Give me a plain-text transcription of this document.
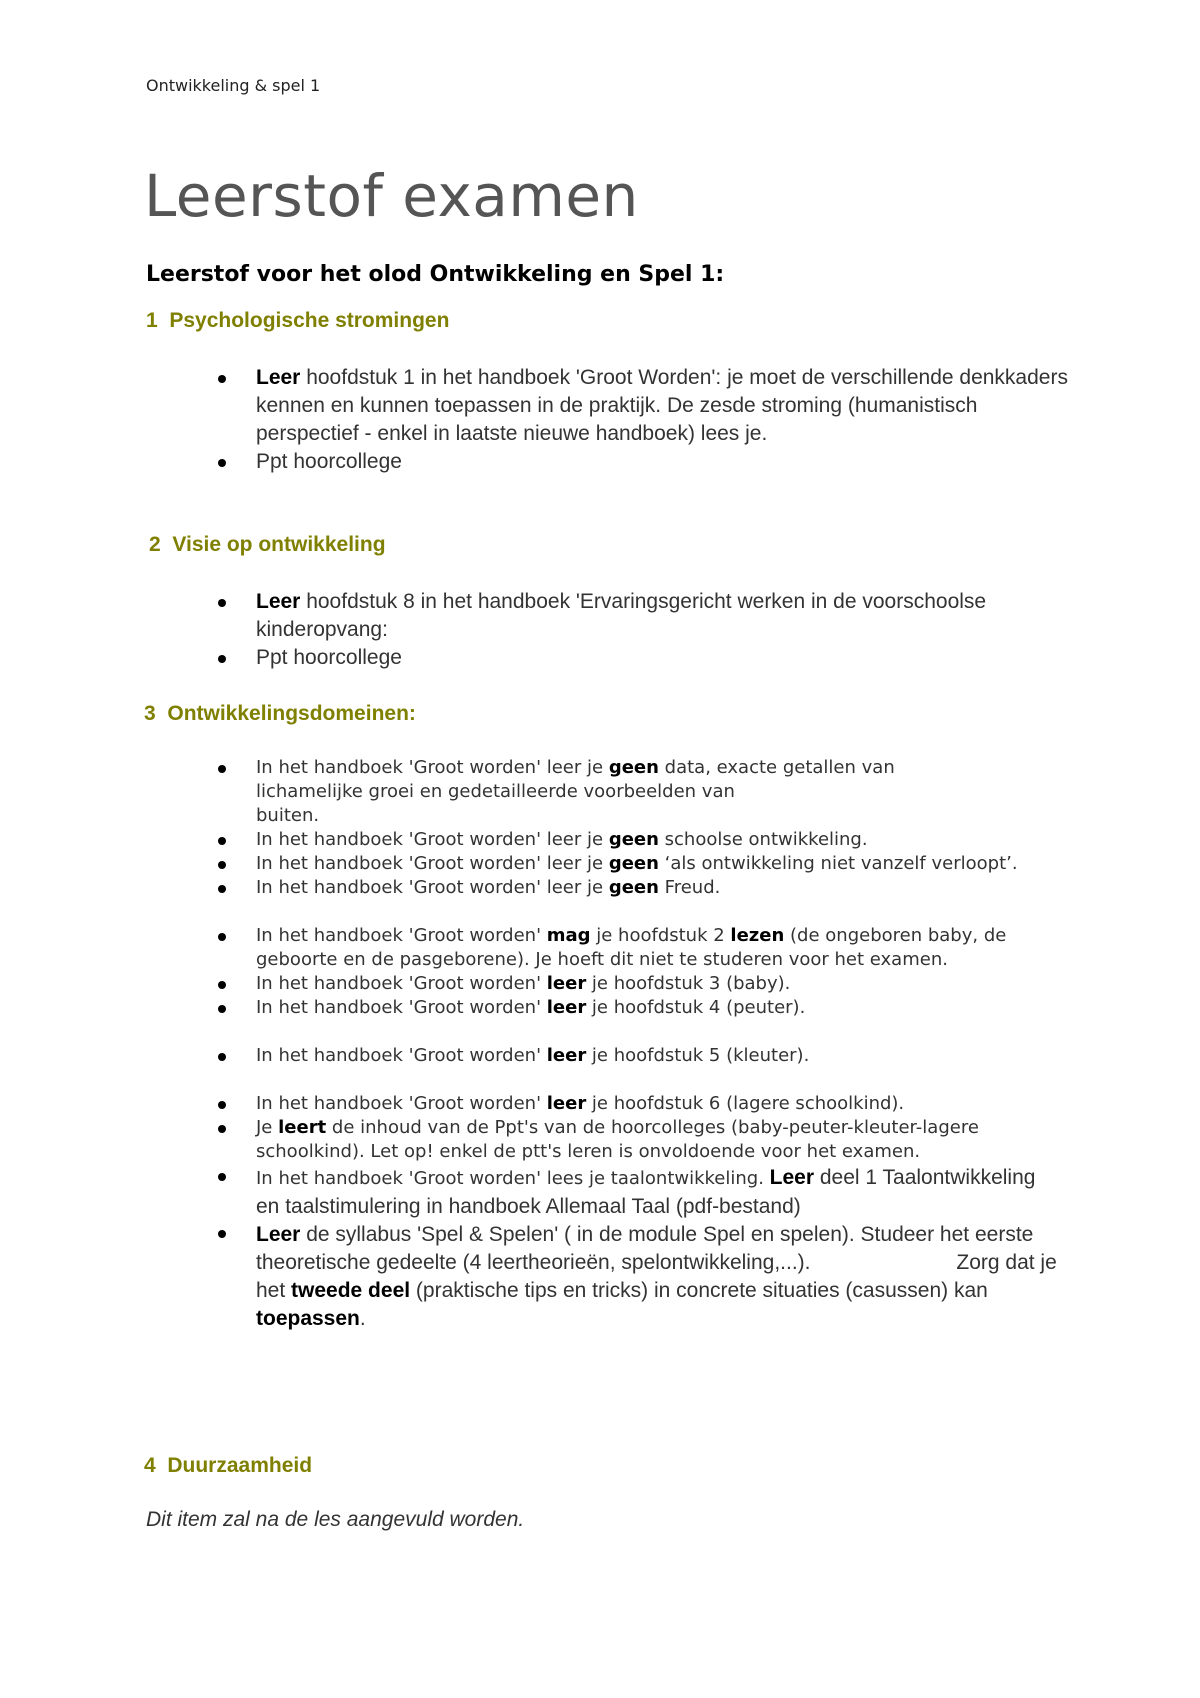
Ontwikkeling & spel 1
Leerstof examen
Leerstof voor het olod Ontwikkeling en Spel 1:
1 Psychologische stromingen
Leer hoofdstuk 1 in het handboek 'Groot Worden': je moet de verschillende denkkaders kennen en kunnen toepassen in de praktijk. De zesde stroming (humanistisch perspectief - enkel in laatste nieuwe handboek) lees je.
Ppt hoorcollege
2 Visie op ontwikkeling
Leer hoofdstuk 8 in het handboek 'Ervaringsgericht werken in de voorschoolse kinderopvang:
Ppt hoorcollege
3 Ontwikkelingsdomeinen:
In het handboek 'Groot worden' leer je geen data, exacte getallen van lichamelijke groei en gedetailleerde voorbeelden van
buiten.
In het handboek 'Groot worden' leer je geen schoolse ontwikkeling.
In het handboek 'Groot worden' leer je geen ‘als ontwikkeling niet vanzelf verloopt’.
In het handboek 'Groot worden' leer je geen Freud.
In het handboek 'Groot worden' mag je hoofdstuk 2 lezen (de ongeboren baby, de geboorte en de pasgeborene). Je hoeft dit niet te studeren voor het examen.
In het handboek 'Groot worden' leer je hoofdstuk 3 (baby).
In het handboek 'Groot worden' leer je hoofdstuk 4 (peuter).
In het handboek 'Groot worden' leer je hoofdstuk 5 (kleuter).
In het handboek 'Groot worden' leer je hoofdstuk 6 (lagere schoolkind).
Je leert de inhoud van de Ppt's van de hoorcolleges (baby-peuter-kleuter-lagere schoolkind). Let op! enkel de ptt's leren is onvoldoende voor het examen.
In het handboek 'Groot worden' lees je taalontwikkeling. Leer deel 1 Taalontwikkeling en taalstimulering in handboek Allemaal Taal (pdf-bestand)
Leer de syllabus 'Spel & Spelen' ( in de module Spel en spelen). Studeer het eerste theoretische gedeelte (4 leertheorieën, spelontwikkeling,...).	Zorg dat je het tweede deel (praktische tips en tricks) in concrete situaties (casussen) kan toepassen.
4 Duurzaamheid

Dit item zal na de les aangevuld worden.
